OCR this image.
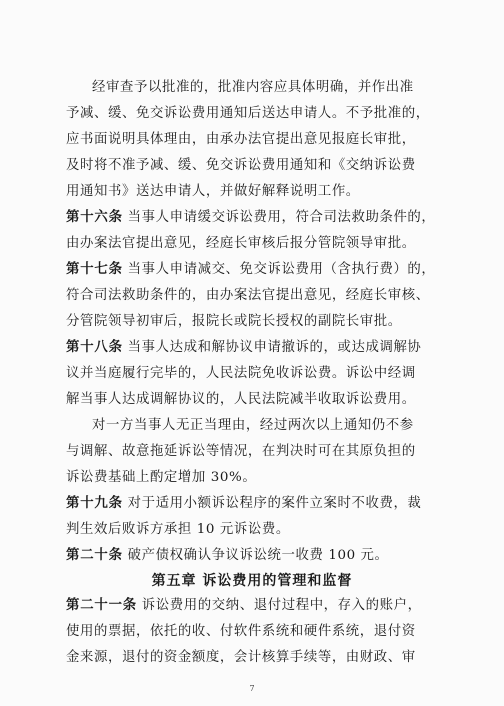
经审查予以批准的，批准内容应具体明确，并作出准
予减、缓、免交诉讼费用通知后送达申请人。不予批准的，
应书面说明具体理由，由承办法官提出意见报庭长审批，
及时将不准予减、缓、免交诉讼费用通知和《交纳诉讼费
用通知书》送达申请人，并做好解释说明工作。
第十六条 当事人申请缓交诉讼费用，符合司法救助条件的，
由办案法官提出意见，经庭长审核后报分管院领导审批。
第十七条 当事人申请减交、免交诉讼费用（含执行费）的，
符合司法救助条件的，由办案法官提出意见，经庭长审核、
分管院领导初审后，报院长或院长授权的副院长审批。
第十八条 当事人达成和解协议申请撤诉的，或达成调解协
议并当庭履行完毕的，人民法院免收诉讼费。诉讼中经调
解当事人达成调解协议的，人民法院减半收取诉讼费用。
对一方当事人无正当理由，经过两次以上通知仍不参
与调解、故意拖延诉讼等情况，在判决时可在其原负担的
诉讼费基础上酌定增加 30%。
第十九条 对于适用小额诉讼程序的案件立案时不收费，裁
判生效后败诉方承担 10 元诉讼费。
第二十条 破产债权确认争议诉讼统一收费 100 元。
第五章 诉讼费用的管理和监督
第二十一条 诉讼费用的交纳、退付过程中，存入的账户，
使用的票据，依托的收、付软件系统和硬件系统，退付资
金来源，退付的资金额度，会计核算手续等，由财政、审
7
